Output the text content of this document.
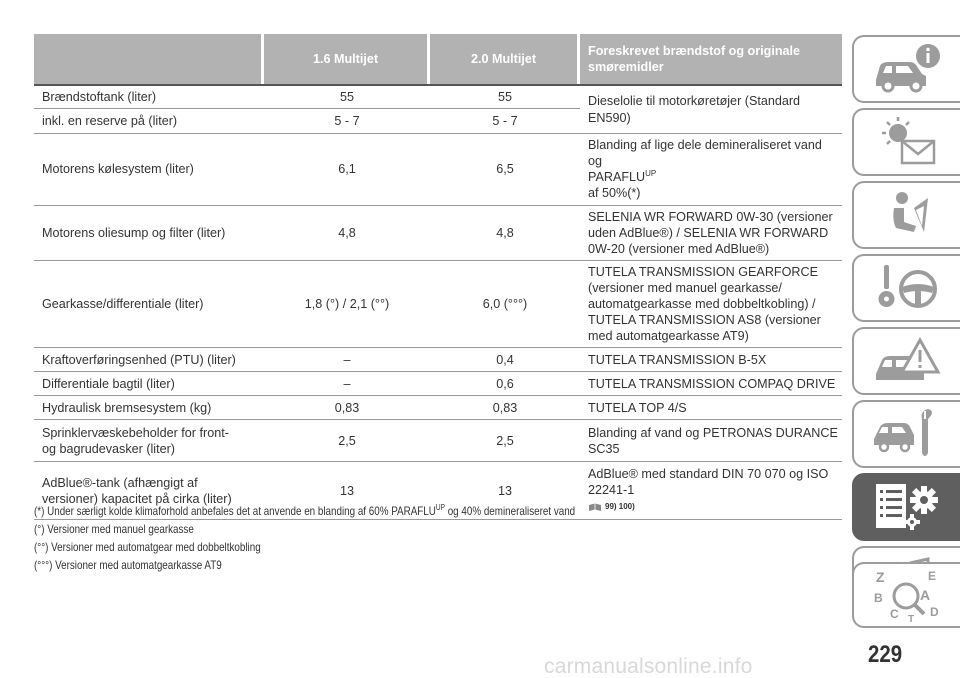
	1.6 Multijet	2.0 Multijet	Foreskrevet brændstof og originale smøremidler
Brændstoftank (liter)	55	55	Dieselolie til motorkøretøjer (Standard EN590)
inkl. en reserve på (liter)	5 - 7	5 - 7	
Motorens kølesystem (liter)	6,1	6,5	Blanding af lige dele demineraliseret vand og
$PARAFLU^{UP}$
af 50%(*)
Motorens oliesump og filter (liter)	4,8	4,8	SELENIA WR FORWARD 0W-30 (versioner uden AdBlue®) / SELENIA WR FORWARD 0W-20 (versioner med AdBlue®)
Gearkasse/differentiale (liter)	1,8 (°) / 2,1 (°°)	6,0 (°°°)	TUTELA TRANSMISSION GEARFORCE (versioner med manuel gearkasse/ automatgearkasse med dobbeltkobling) / TUTELA TRANSMISSION AS8 (versioner med automatgearkasse AT9)
Kraftoverføringsenhed (PTU) (liter)	–	0,4	TUTELA TRANSMISSION B-5X
Differentiale bagtil (liter)	–	0,6	TUTELA TRANSMISSION COMPAQ DRIVE
Hydraulisk bremsesystem (kg)	0,83	0,83	TUTELA TOP 4/S
Sprinklervæskebeholder for front-
og bagrudevasker (liter)	2,5	2,5	Blanding af vand og PETRONAS DURANCE SC35
AdBlue®-tank (afhængigt af
versioner) kapacitet på cirka (liter)	13	13	AdBlue® med standard DIN 70 070 og ISO 22241-1

99) 100)

(*) Under særligt kolde klimaforhold anbefales det at anvende en blanding af 60% $PARAFLU^{UP}$ og 40% demineraliseret vand

(°) Versioner med manuel gearkasse

(°°) Versioner med automatgear med dobbeltkobling

(°°°) Versioner med automatgearkasse AT9

Z	E
B	A
C	D
T
carmanualsonline.info	229
